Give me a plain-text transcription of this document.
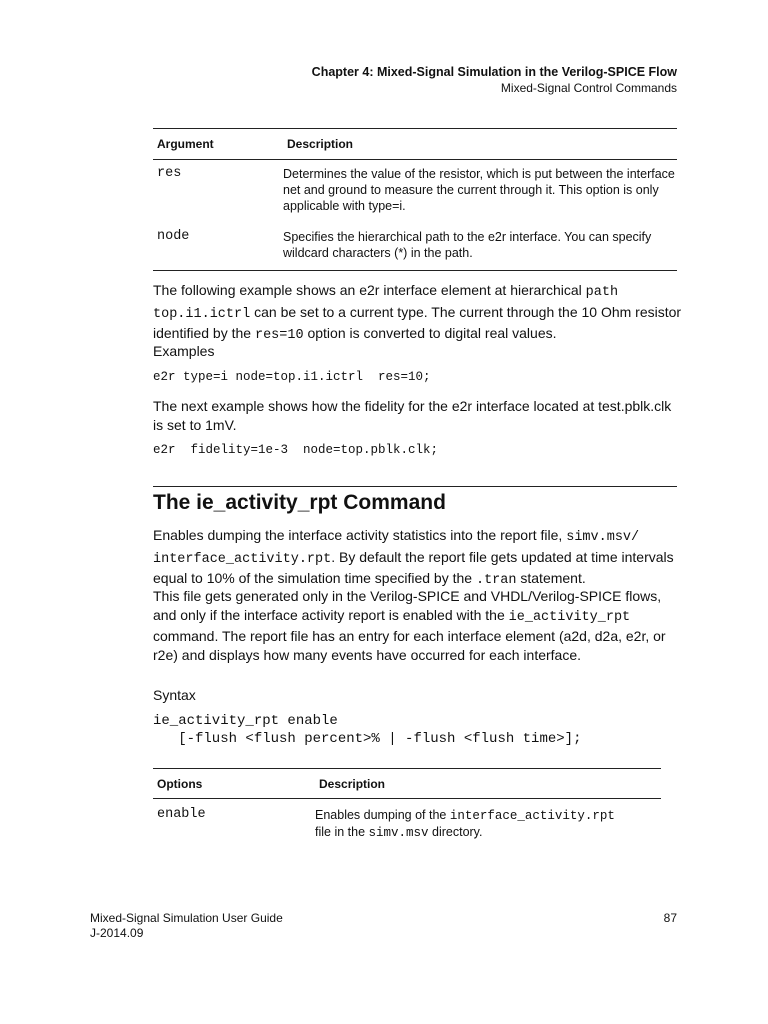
Chapter 4: Mixed-Signal Simulation in the Verilog-SPICE Flow
Mixed-Signal Control Commands
Argument	Description
res	Determines the value of the resistor, which is put between the interface net and ground to measure the current through it. This option is only applicable with type=i.
node	Specifies the hierarchical path to the e2r interface. You can specify wildcard characters (*) in the path.
The following example shows an e2r interface element at hierarchical path top.i1.ictrl can be set to a current type. The current through the 10 Ohm resistor identified by the res=10 option is converted to digital real values.
Examples
e2r type=i node=top.i1.ictrl  res=10;
The next example shows how the fidelity for the e2r interface located at test.pblk.clk is set to 1mV.
e2r  fidelity=1e-3  node=top.pblk.clk;
The ie_activity_rpt Command
Enables dumping the interface activity statistics into the report file, simv.msv/ interface_activity.rpt. By default the report file gets updated at time intervals equal to 10% of the simulation time specified by the .tran statement.
This file gets generated only in the Verilog-SPICE and VHDL/Verilog-SPICE flows, and only if the interface activity report is enabled with the ie_activity_rpt command. The report file has an entry for each interface element (a2d, d2a, e2r, or r2e) and displays how many events have occurred for each interface.
Syntax
ie_activity_rpt enable
[-flush <flush percent>% | -flush <flush time>];
Options	Description
enable	Enables dumping of the interface_activity.rpt
file in the simv.msv directory.
Mixed-Signal Simulation User Guide
J-2014.09
87
